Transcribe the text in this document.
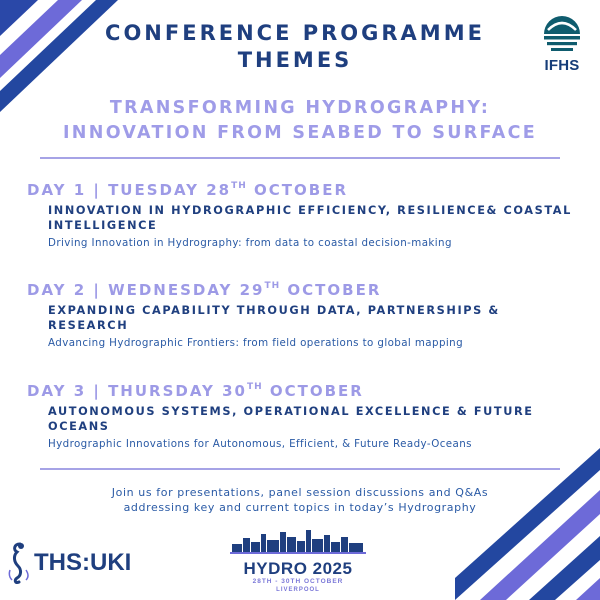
IFHS
CONFERENCE PROGRAMME
THEMES
TRANSFORMING HYDROGRAPHY:
INNOVATION FROM SEABED TO SURFACE
DAY 1 | TUESDAY 28TH OCTOBER
INNOVATION IN HYDROGRAPHIC EFFICIENCY, RESILIENCE& COASTAL INTELLIGENCE
Driving Innovation in Hydrography: from data to coastal decision-making
DAY 2 | WEDNESDAY 29TH OCTOBER
EXPANDING CAPABILITY THROUGH DATA, PARTNERSHIPS & RESEARCH
Advancing Hydrographic Frontiers: from field operations to global mapping
DAY 3 | THURSDAY 30TH OCTOBER
AUTONOMOUS SYSTEMS, OPERATIONAL EXCELLENCE & FUTURE OCEANS
Hydrographic Innovations for Autonomous, Efficient, & Future Ready-Oceans
Join us for presentations, panel session discussions and Q&As
addressing key and current topics in today’s Hydrography
THS:UKI	HYDRO 2025
28TH - 30TH OCTOBER
LIVERPOOL
